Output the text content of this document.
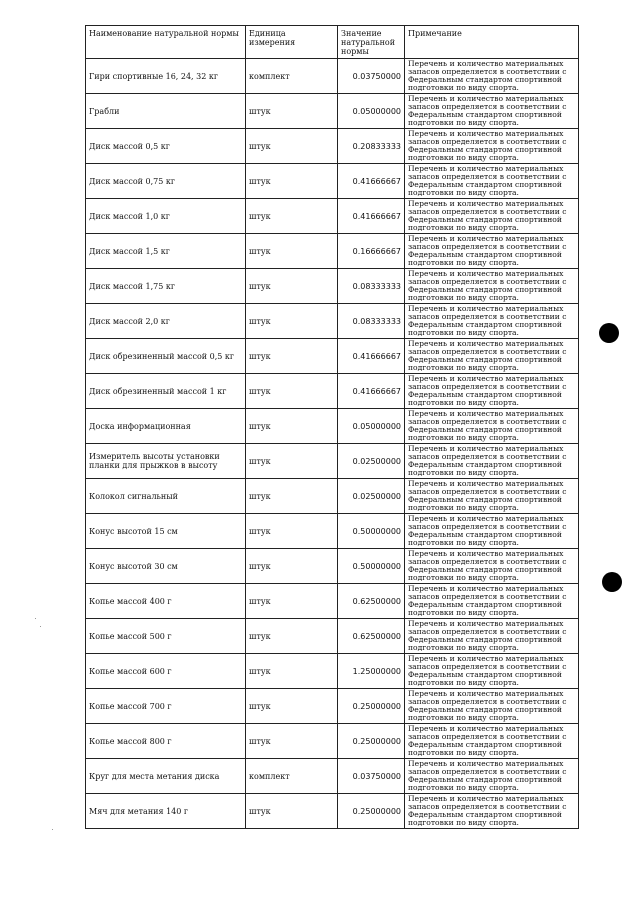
Наименование натуральной нормы	Единица измерения	Значение натуральной нормы	Примечание
Гири спортивные 16, 24, 32 кг	комплект	0.03750000	Перечень и количество материальных запасов определяется в соответствии с Федеральным стандартом спортивной подготовки по виду спорта.
Грабли	штук	0.05000000	Перечень и количество материальных запасов определяется в соответствии с Федеральным стандартом спортивной подготовки по виду спорта.
Диск массой 0,5 кг	штук	0.20833333	Перечень и количество материальных запасов определяется в соответствии с Федеральным стандартом спортивной подготовки по виду спорта.
Диск массой 0,75 кг	штук	0.41666667	Перечень и количество материальных запасов определяется в соответствии с Федеральным стандартом спортивной подготовки по виду спорта.
Диск массой 1,0 кг	штук	0.41666667	Перечень и количество материальных запасов определяется в соответствии с Федеральным стандартом спортивной подготовки по виду спорта.
Диск массой 1,5 кг	штук	0.16666667	Перечень и количество материальных запасов определяется в соответствии с Федеральным стандартом спортивной подготовки по виду спорта.
Диск массой 1,75 кг	штук	0.08333333	Перечень и количество материальных запасов определяется в соответствии с Федеральным стандартом спортивной подготовки по виду спорта.
Диск массой 2,0 кг	штук	0.08333333	Перечень и количество материальных запасов определяется в соответствии с Федеральным стандартом спортивной подготовки по виду спорта.
Диск обрезиненный массой 0,5 кг	штук	0.41666667	Перечень и количество материальных запасов определяется в соответствии с Федеральным стандартом спортивной подготовки по виду спорта.
Диск обрезиненный массой 1 кг	штук	0.41666667	Перечень и количество материальных запасов определяется в соответствии с Федеральным стандартом спортивной подготовки по виду спорта.
Доска информационная	штук	0.05000000	Перечень и количество материальных запасов определяется в соответствии с Федеральным стандартом спортивной подготовки по виду спорта.
Измеритель высоты установки планки для прыжков в высоту	штук	0.02500000	Перечень и количество материальных запасов определяется в соответствии с Федеральным стандартом спортивной подготовки по виду спорта.
Колокол сигнальный	штук	0.02500000	Перечень и количество материальных запасов определяется в соответствии с Федеральным стандартом спортивной подготовки по виду спорта.
Конус высотой 15 см	штук	0.50000000	Перечень и количество материальных запасов определяется в соответствии с Федеральным стандартом спортивной подготовки по виду спорта.
Конус высотой 30 см	штук	0.50000000	Перечень и количество материальных запасов определяется в соответствии с Федеральным стандартом спортивной подготовки по виду спорта.
Копье массой 400 г	штук	0.62500000	Перечень и количество материальных запасов определяется в соответствии с Федеральным стандартом спортивной подготовки по виду спорта.
Копье массой 500 г	штук	0.62500000	Перечень и количество материальных запасов определяется в соответствии с Федеральным стандартом спортивной подготовки по виду спорта.
Копье массой 600 г	штук	1.25000000	Перечень и количество материальных запасов определяется в соответствии с Федеральным стандартом спортивной подготовки по виду спорта.
Копье массой 700 г	штук	0.25000000	Перечень и количество материальных запасов определяется в соответствии с Федеральным стандартом спортивной подготовки по виду спорта.
Копье массой 800 г	штук	0.25000000	Перечень и количество материальных запасов определяется в соответствии с Федеральным стандартом спортивной подготовки по виду спорта.
Круг для места метания диска	комплект	0.03750000	Перечень и количество материальных запасов определяется в соответствии с Федеральным стандартом спортивной подготовки по виду спорта.
Мяч для метания 140 г	штук	0.25000000	Перечень и количество материальных запасов определяется в соответствии с Федеральным стандартом спортивной подготовки по виду спорта.
